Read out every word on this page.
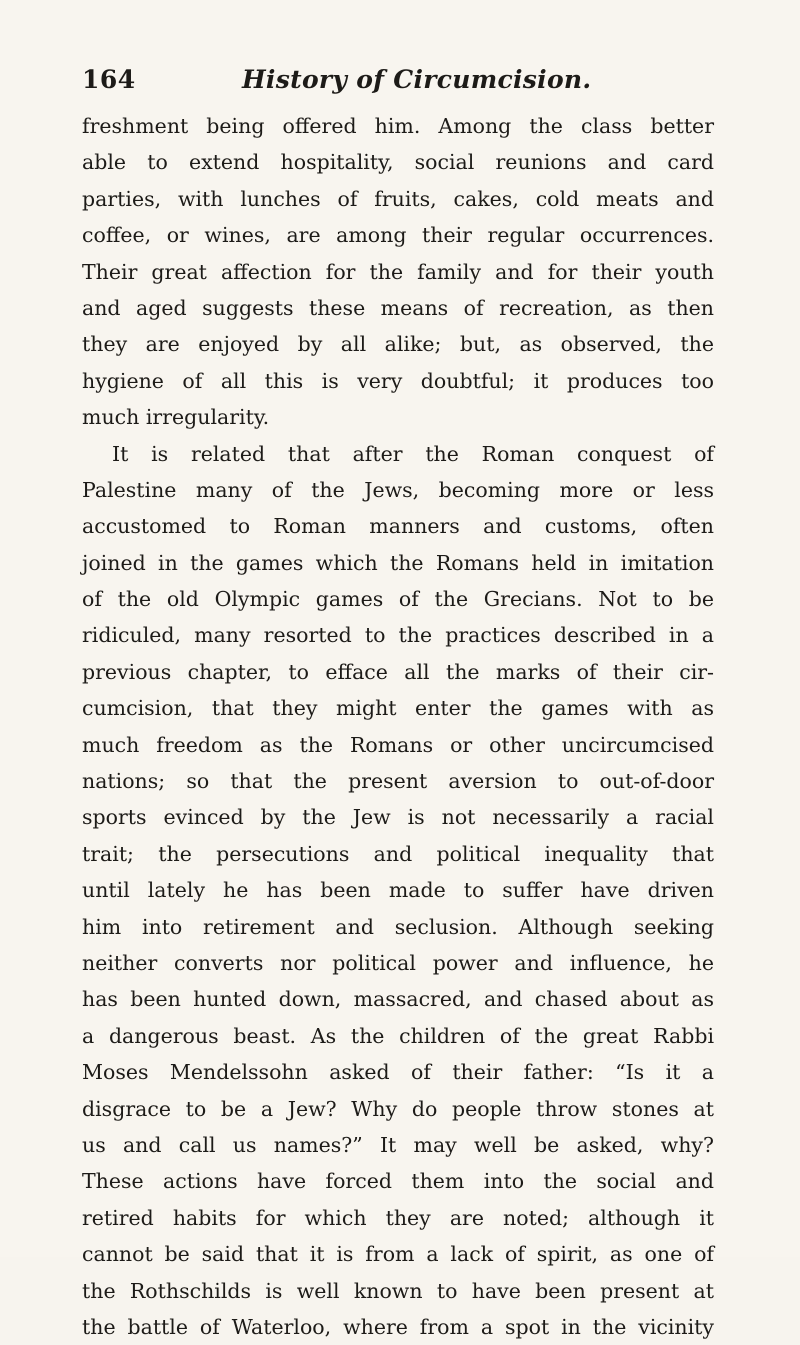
164	History of Circumcision.
freshment being offered him. Among the class better
able to extend hospitality, social reunions and card
parties, with lunches of fruits, cakes, cold meats and
coffee, or wines, are among their regular occurrences.
Their great affection for the family and for their youth
and aged suggests these means of recreation, as then
they are enjoyed by all alike; but, as observed, the
hygiene of all this is very doubtful; it produces too
much irregularity.
It is related that after the Roman conquest of
Palestine many of the Jews, becoming more or less
accustomed to Roman manners and customs, often
joined in the games which the Romans held in imitation
of the old Olympic games of the Grecians. Not to be
ridiculed, many resorted to the practices described in a
previous chapter, to efface all the marks of their cir-
cumcision, that they might enter the games with as
much freedom as the Romans or other uncircumcised
nations; so that the present aversion to out-of-door
sports evinced by the Jew is not necessarily a racial
trait; the persecutions and political inequality that
until lately he has been made to suffer have driven
him into retirement and seclusion. Although seeking
neither converts nor political power and influence, he
has been hunted down, massacred, and chased about as
a dangerous beast. As the children of the great Rabbi
Moses Mendelssohn asked of their father: “Is it a
disgrace to be a Jew? Why do people throw stones at
us and call us names?” It may well be asked, why?
These actions have forced them into the social and
retired habits for which they are noted; although it
cannot be said that it is from a lack of spirit, as one of
the Rothschilds is well known to have been present at
the battle of Waterloo, where from a spot in the vicinity
